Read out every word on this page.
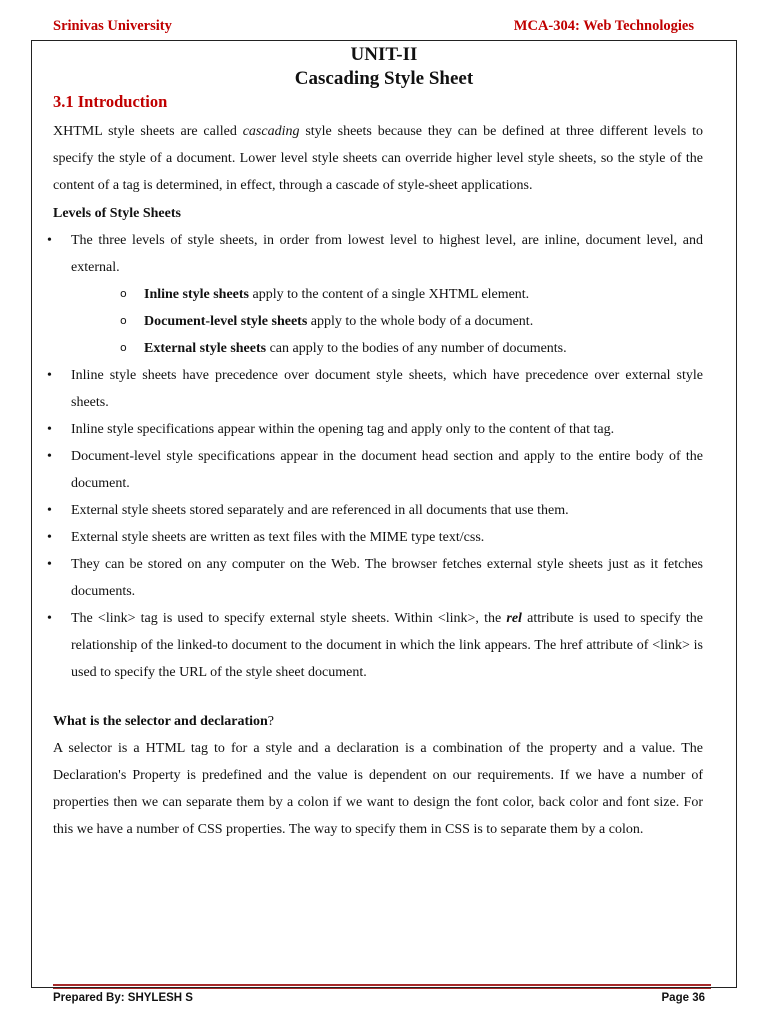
Srinivas University	MCA-304: Web Technologies
UNIT-II
Cascading Style Sheet
3.1 Introduction
XHTML style sheets are called cascading style sheets because they can be defined at three different levels to specify the style of a document. Lower level style sheets can override higher level style sheets, so the style of the content of a tag is determined, in effect, through a cascade of style-sheet applications.
Levels of Style Sheets
• The three levels of style sheets, in order from lowest level to highest level, are inline, document level, and external.
o Inline style sheets apply to the content of a single XHTML element.
o Document-level style sheets apply to the whole body of a document.
o External style sheets can apply to the bodies of any number of documents.
• Inline style sheets have precedence over document style sheets, which have precedence over external style sheets.
• Inline style specifications appear within the opening tag and apply only to the content of that tag.
• Document-level style specifications appear in the document head section and apply to the entire body of the document.
• External style sheets stored separately and are referenced in all documents that use them.
• External style sheets are written as text files with the MIME type text/css.
• They can be stored on any computer on the Web. The browser fetches external style sheets just as it fetches documents.
• The <link> tag is used to specify external style sheets. Within <link>, the rel attribute is used to specify the relationship of the linked-to document to the document in which the link appears. The href attribute of <link> is used to specify the URL of the style sheet document.
What is the selector and declaration?
A selector is a HTML tag to for a style and a declaration is a combination of the property and a value. The Declaration's Property is predefined and the value is dependent on our requirements. If we have a number of properties then we can separate them by a colon if we want to design the font color, back color and font size. For this we have a number of CSS properties. The way to specify them in CSS is to separate them by a colon.
Prepared By: SHYLESH S	Page 36
